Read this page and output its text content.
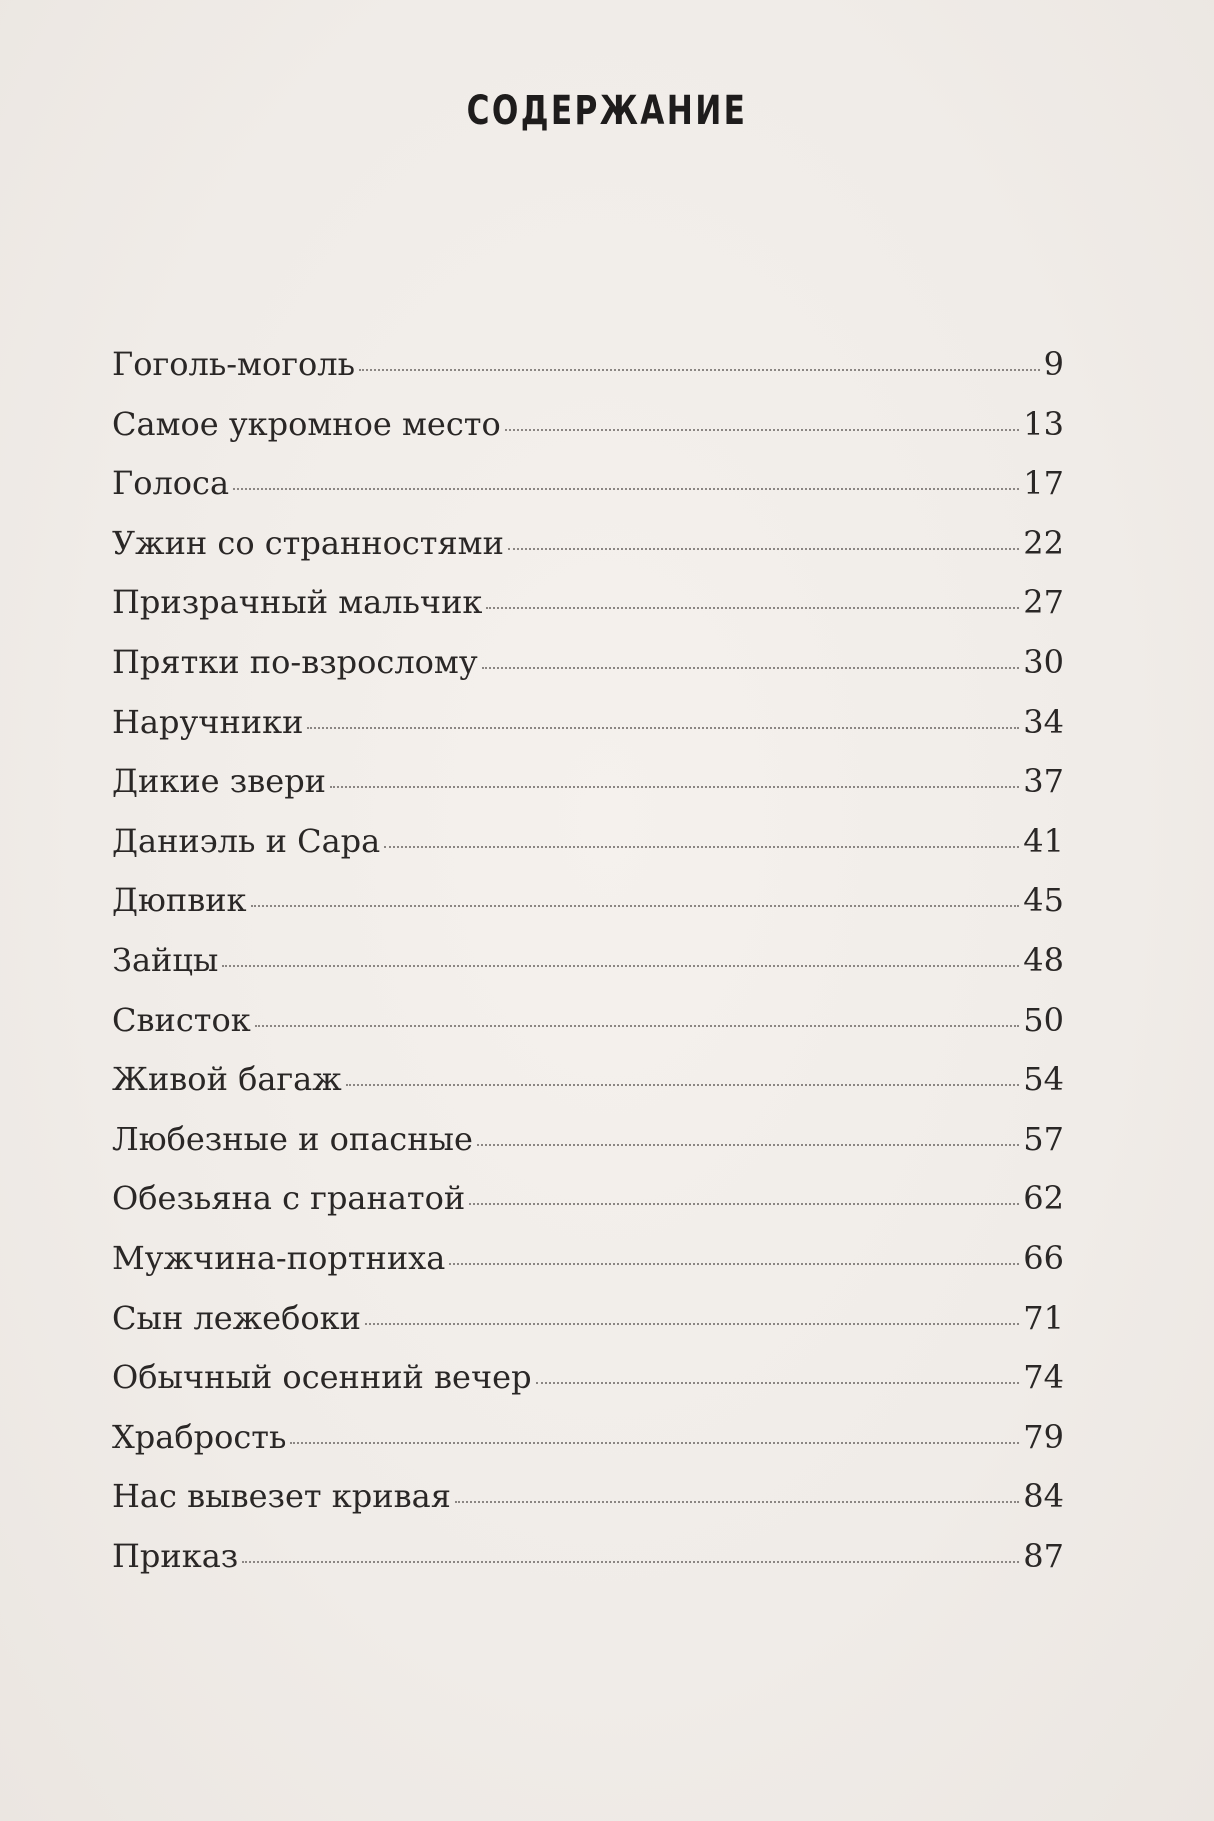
СОДЕРЖАНИЕ
Гоголь-моголь	9
Самое укромное место	13
Голоса	17
Ужин со странностями	22
Призрачный мальчик	27
Прятки по-взрослому	30
Наручники	34
Дикие звери	37
Даниэль и Сара	41
Дюпвик	45
Зайцы	48
Свисток	50
Живой багаж	54
Любезные и опасные	57
Обезьяна с гранатой	62
Мужчина-портниха	66
Сын лежебоки	71
Обычный осенний вечер	74
Храбрость	79
Нас вывезет кривая	84
Приказ	87
